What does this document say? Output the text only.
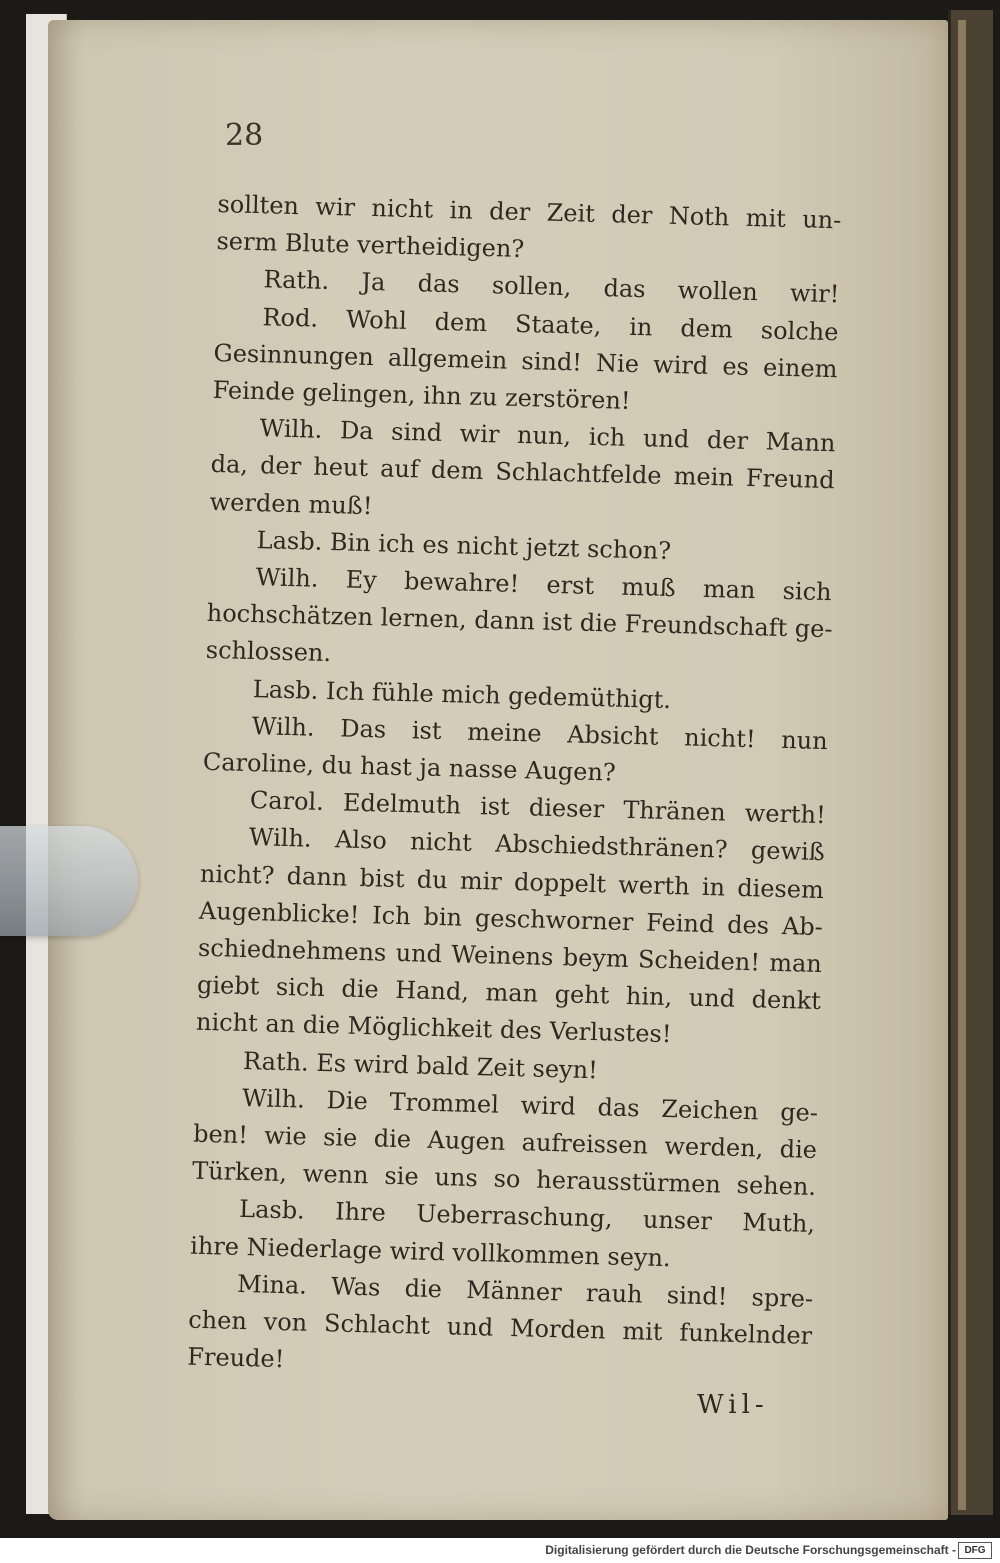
28
sollten wir nicht in der Zeit der Noth mit un-
serm Blute vertheidigen?
Rath. Ja das sollen, das wollen wir!
Rod. Wohl dem Staate, in dem solche
Gesinnungen allgemein sind! Nie wird es einem
Feinde gelingen, ihn zu zerstören!
Wilh. Da sind wir nun, ich und der Mann
da, der heut auf dem Schlachtfelde mein Freund
werden muß!
Lasb. Bin ich es nicht jetzt schon?
Wilh. Ey bewahre! erst muß man sich
hochschätzen lernen, dann ist die Freundschaft ge-
schlossen.
Lasb. Ich fühle mich gedemüthigt.
Wilh. Das ist meine Absicht nicht! nun
Caroline, du hast ja nasse Augen?
Carol. Edelmuth ist dieser Thränen werth!
Wilh. Also nicht Abschiedsthränen? gewiß
nicht? dann bist du mir doppelt werth in diesem
Augenblicke! Ich bin geschworner Feind des Ab-
schiednehmens und Weinens beym Scheiden! man
giebt sich die Hand, man geht hin, und denkt
nicht an die Möglichkeit des Verlustes!
Rath. Es wird bald Zeit seyn!
Wilh. Die Trommel wird das Zeichen ge-
ben! wie sie die Augen aufreissen werden, die
Türken, wenn sie uns so herausstürmen sehen.
Lasb. Ihre Ueberraschung, unser Muth,
ihre Niederlage wird vollkommen seyn.
Mina. Was die Männer rauh sind! spre-
chen von Schlacht und Morden mit funkelnder
Freude!
Wil-
Digitalisierung gefördert durch die Deutsche Forschungsgemeinschaft - DFG
